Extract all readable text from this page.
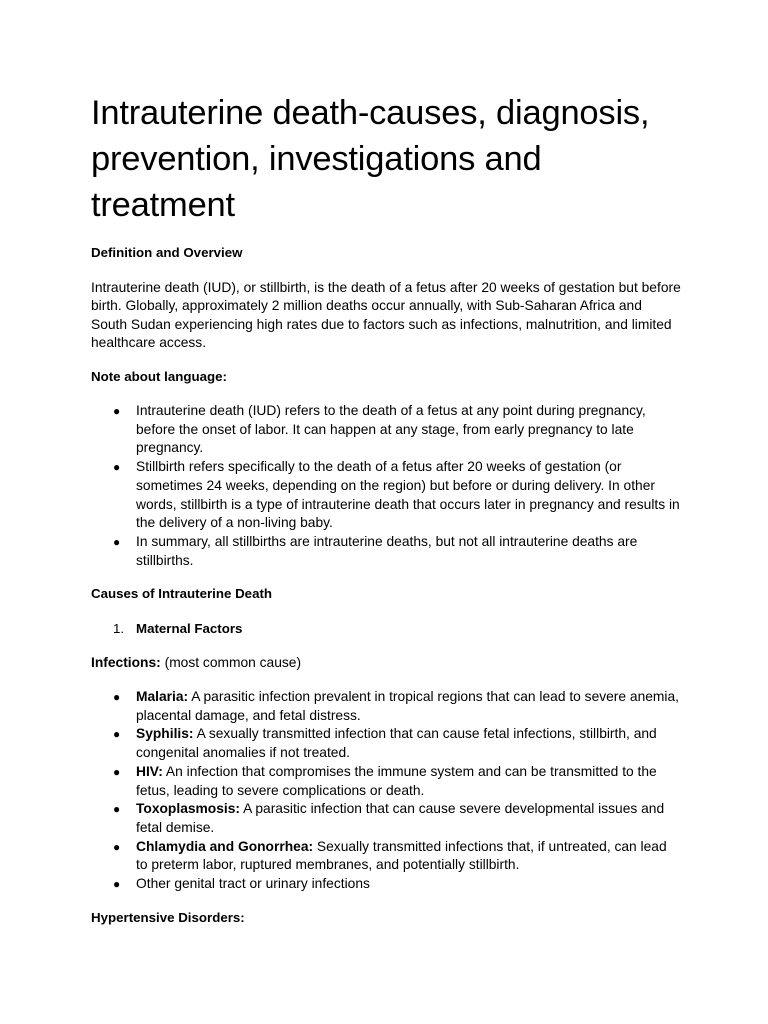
Intrauterine death-causes, diagnosis, prevention, investigations and treatment

Definition and Overview

Intrauterine death (IUD), or stillbirth, is the death of a fetus after 20 weeks of gestation but before birth. Globally, approximately 2 million deaths occur annually, with Sub-Saharan Africa and South Sudan experiencing high rates due to factors such as infections, malnutrition, and limited healthcare access.

Note about language:

● Intrauterine death (IUD) refers to the death of a fetus at any point during pregnancy, before the onset of labor. It can happen at any stage, from early pregnancy to late pregnancy.
● Stillbirth refers specifically to the death of a fetus after 20 weeks of gestation (or sometimes 24 weeks, depending on the region) but before or during delivery. In other words, stillbirth is a type of intrauterine death that occurs later in pregnancy and results in the delivery of a non-living baby.
● In summary, all stillbirths are intrauterine deaths, but not all intrauterine deaths are stillbirths.

Causes of Intrauterine Death

1. Maternal Factors

Infections: (most common cause)

● Malaria: A parasitic infection prevalent in tropical regions that can lead to severe anemia, placental damage, and fetal distress.
● Syphilis: A sexually transmitted infection that can cause fetal infections, stillbirth, and congenital anomalies if not treated.
● HIV: An infection that compromises the immune system and can be transmitted to the fetus, leading to severe complications or death.
● Toxoplasmosis: A parasitic infection that can cause severe developmental issues and fetal demise.
● Chlamydia and Gonorrhea: Sexually transmitted infections that, if untreated, can lead to preterm labor, ruptured membranes, and potentially stillbirth.
● Other genital tract or urinary infections

Hypertensive Disorders:
